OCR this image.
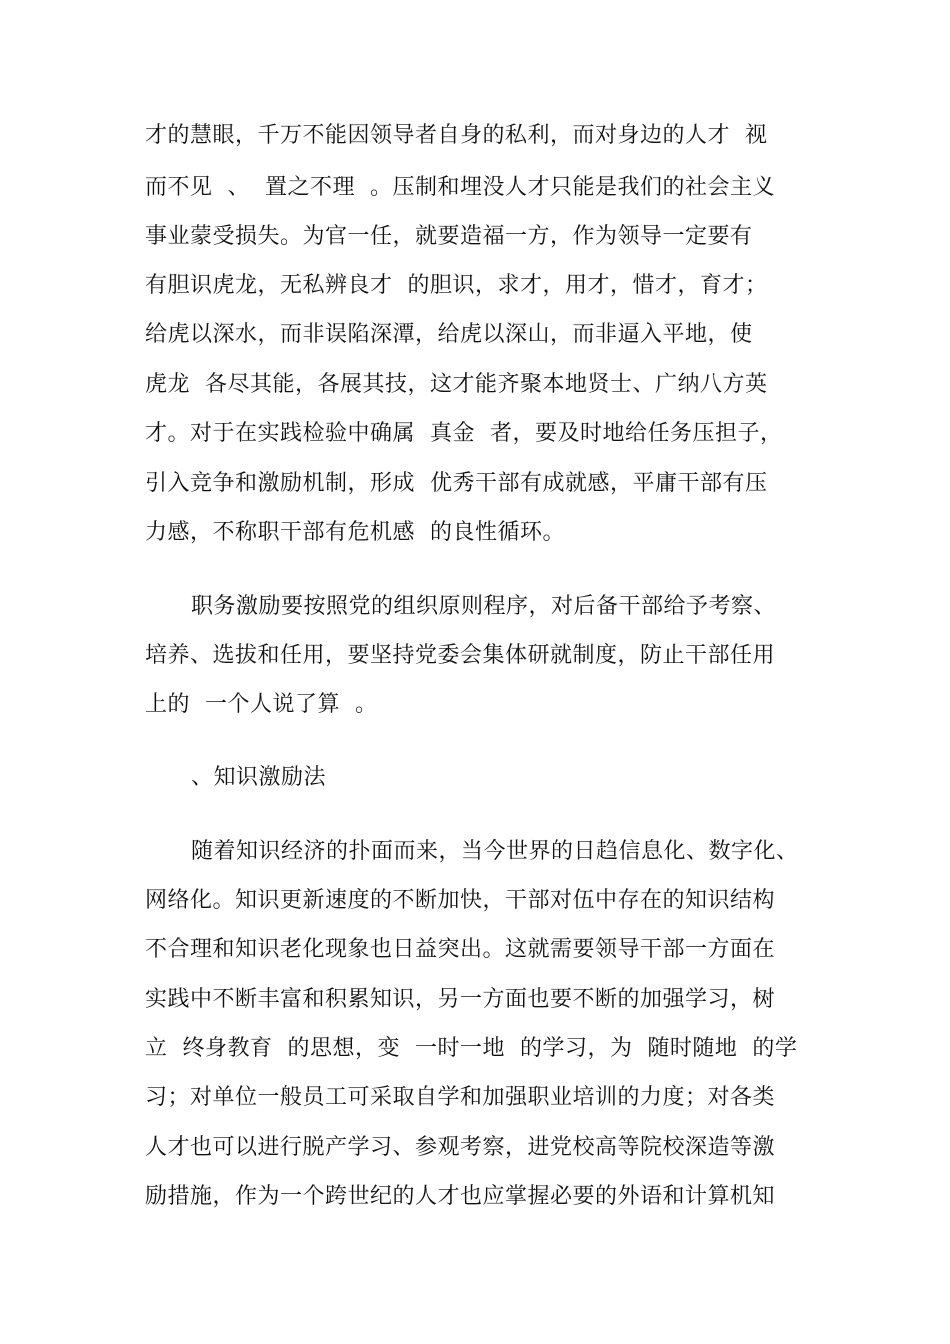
才的慧眼，千万不能因领导者自身的私利，而对身边的人才  视
而不见  、  置之不理  。压制和埋没人才只能是我们的社会主义
事业蒙受损失。为官一任，就要造福一方，作为领导一定要有
有胆识虎龙，无私辨良才  的胆识，求才，用才，惜才，育才；
给虎以深水，而非误陷深潭，给虎以深山，而非逼入平地，使
虎龙  各尽其能，各展其技，这才能齐聚本地贤士、广纳八方英
才。对于在实践检验中确属  真金  者，要及时地给任务压担子，
引入竞争和激励机制，形成  优秀干部有成就感，平庸干部有压
力感，不称职干部有危机感  的良性循环。
职务激励要按照党的组织原则程序，对后备干部给予考察、
培养、选拔和任用，要坚持党委会集体研就制度，防止干部任用
上的  一个人说了算  。
、知识激励法
随着知识经济的扑面而来，当今世界的日趋信息化、数字化、
网络化。知识更新速度的不断加快，干部对伍中存在的知识结构
不合理和知识老化现象也日益突出。这就需要领导干部一方面在
实践中不断丰富和积累知识，另一方面也要不断的加强学习，树
立  终身教育  的思想，变  一时一地  的学习，为  随时随地  的学
习；对单位一般员工可采取自学和加强职业培训的力度；对各类
人才也可以进行脱产学习、参观考察，进党校高等院校深造等激
励措施，作为一个跨世纪的人才也应掌握必要的外语和计算机知
